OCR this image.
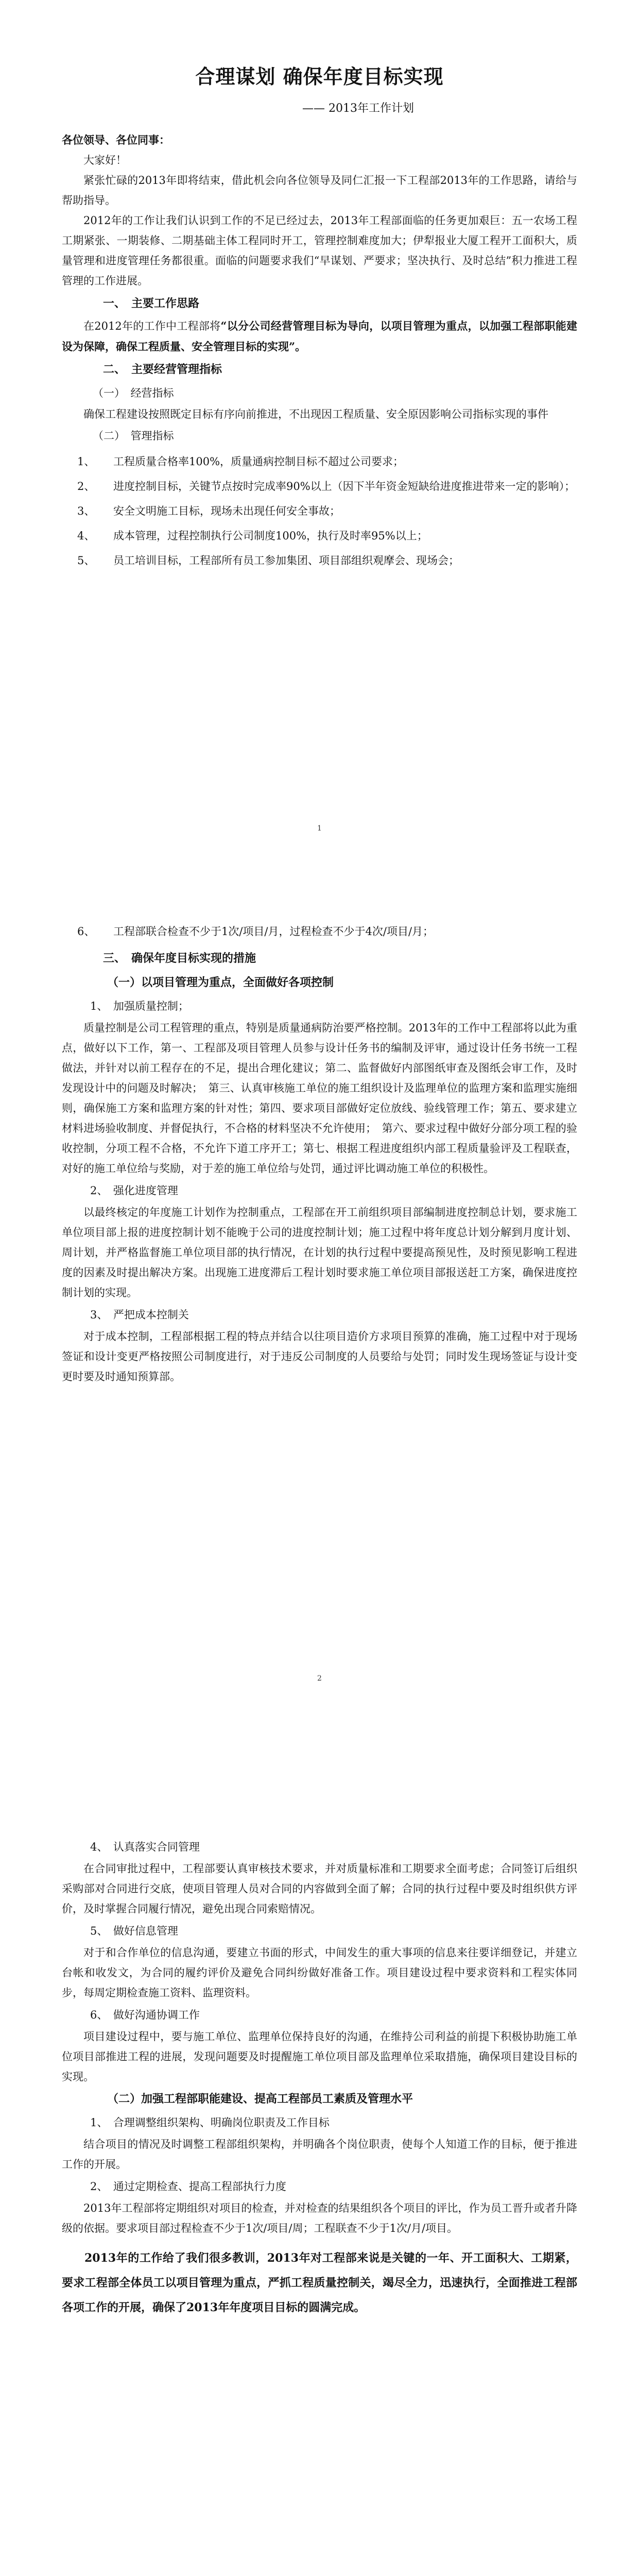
合理谋划 确保年度目标实现
—— 2013年工作计划
各位领导、各位同事：

大家好！

紧张忙碌的2013年即将结束，借此机会向各位领导及同仁汇报一下工程部2013年的工作思路，请给与帮助指导。

2012年的工作让我们认识到工作的不足已经过去，2013年工程部面临的任务更加艰巨：五一农场工程工期紧张、一期装修、二期基础主体工程同时开工，管理控制难度加大；伊犁报业大厦工程开工面积大，质量管理和进度管理任务都很重。面临的问题要求我们“早谋划、严要求；坚决执行、及时总结”积力推进工程管理的工作进展。

一、　主要工作思路

在2012年的工作中工程部将“以分公司经营管理目标为导向，以项目管理为重点，以加强工程部职能建设为保障，确保工程质量、安全管理目标的实现”。

二、　主要经营管理指标
（一）　经营指标

确保工程建设按照既定目标有序向前推进，不出现因工程质量、安全原因影响公司指标实现的事件

（二）　管理指标
1、 工程质量合格率100%，质量通病控制目标不超过公司要求；
2、 进度控制目标，关键节点按时完成率90%以上（因下半年资金短缺给进度推进带来一定的影响）；
3、 安全文明施工目标，现场未出现任何安全事故；
4、 成本管理，过程控制执行公司制度100%，执行及时率95%以上；
5、 员工培训目标，工程部所有员工参加集团、项目部组织观摩会、现场会；
1
6、 工程部联合检查不少于1次/项目/月，过程检查不少于4次/项目/月；
三、　确保年度目标实现的措施
（一）以项目管理为重点，全面做好各项控制
1、　加强质量控制；

质量控制是公司工程管理的重点，特别是质量通病防治要严格控制。2013年的工作中工程部将以此为重点，做好以下工作，第一、工程部及项目管理人员参与设计任务书的编制及评审，通过设计任务书统一工程做法，并针对以前工程存在的不足，提出合理化建议；第二、监督做好内部图纸审查及图纸会审工作，及时发现设计中的问题及时解决；　第三、认真审核施工单位的施工组织设计及监理单位的监理方案和监理实施细则，确保施工方案和监理方案的针对性；第四、要求项目部做好定位放线、验线管理工作；第五、要求建立材料进场验收制度、并督促执行，不合格的材料坚决不允许使用；　第六、要求过程中做好分部分项工程的验收控制，分项工程不合格，不允许下道工序开工；第七、根据工程进度组织内部工程质量验评及工程联查，对好的施工单位给与奖励，对于差的施工单位给与处罚，通过评比调动施工单位的积极性。

2、　强化进度管理

以最终核定的年度施工计划作为控制重点，工程部在开工前组织项目部编制进度控制总计划，要求施工单位项目部上报的进度控制计划不能晚于公司的进度控制计划；施工过程中将年度总计划分解到月度计划、周计划，并严格监督施工单位项目部的执行情况，在计划的执行过程中要提高预见性，及时预见影响工程进度的因素及时提出解决方案。出现施工进度滞后工程计划时要求施工单位项目部报送赶工方案，确保进度控制计划的实现。

3、　严把成本控制关

对于成本控制，工程部根据工程的特点并结合以往项目造价方求项目预算的准确，施工过程中对于现场签证和设计变更严格按照公司制度进行，对于违反公司制度的人员要给与处罚；同时发生现场签证与设计变更时要及时通知预算部。

2
4、　认真落实合同管理

在合同审批过程中，工程部要认真审核技术要求，并对质量标准和工期要求全面考虑；合同签订后组织采购部对合同进行交底，使项目管理人员对合同的内容做到全面了解；合同的执行过程中要及时组织供方评价，及时掌握合同履行情况，避免出现合同索赔情况。

5、　做好信息管理

对于和合作单位的信息沟通，要建立书面的形式，中间发生的重大事项的信息来往要详细登记，并建立台帐和收发文，为合同的履约评价及避免合同纠纷做好准备工作。项目建设过程中要求资料和工程实体同步，每周定期检查施工资料、监理资料。

6、　做好沟通协调工作

项目建设过程中，要与施工单位、监理单位保持良好的沟通，在维持公司利益的前提下积极协助施工单位项目部推进工程的进展，发现问题要及时提醒施工单位项目部及监理单位采取措施，确保项目建设目标的实现。

（二）加强工程部职能建设、提高工程部员工素质及管理水平
1、　合理调整组织架构、明确岗位职责及工作目标

结合项目的情况及时调整工程部组织架构，并明确各个岗位职责，使每个人知道工作的目标，便于推进工作的开展。

2、　通过定期检查、提高工程部执行力度

2013年工程部将定期组织对项目的检查，并对检查的结果组织各个项目的评比，作为员工晋升或者升降级的依据。要求项目部过程检查不少于1次/项目/周；工程联查不少于1次/月/项目。

2013年的工作给了我们很多教训，2013年对工程部来说是关键的一年、开工面积大、工期紧，要求工程部全体员工以项目管理为重点，严抓工程质量控制关，竭尽全力，迅速执行，全面推进工程部各项工作的开展，确保了2013年年度项目目标的圆满完成。
